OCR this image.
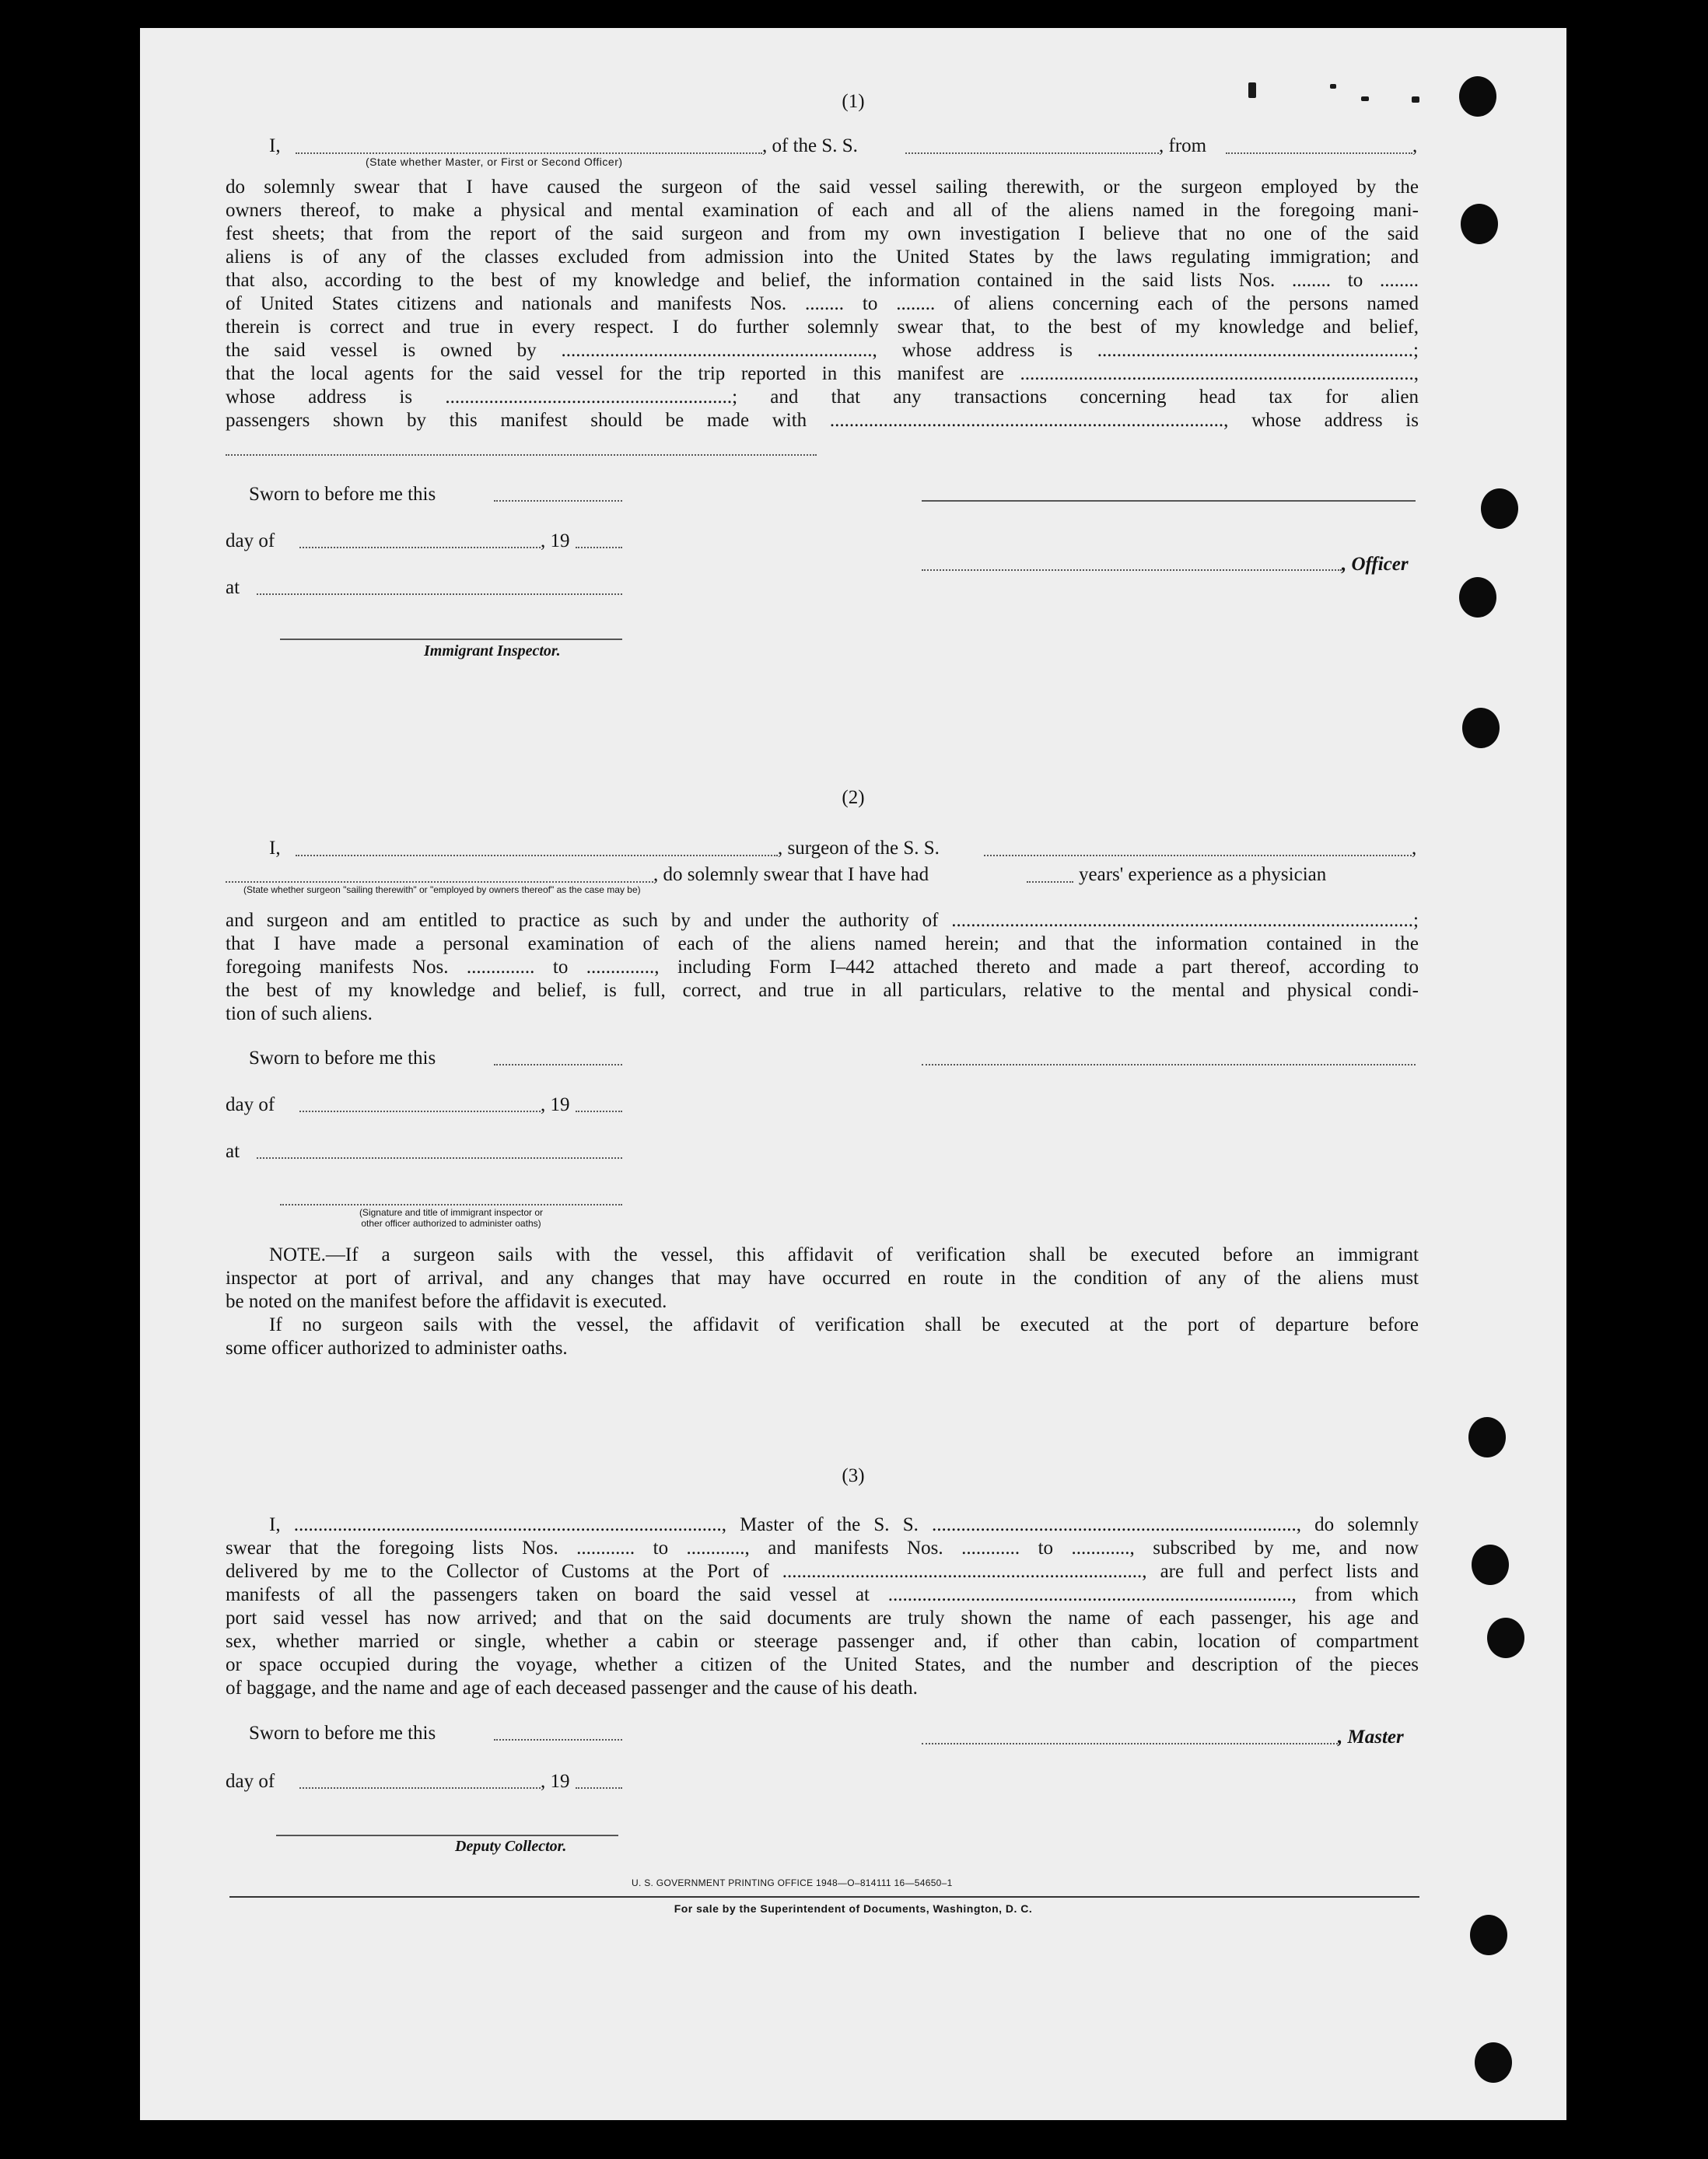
(1)
I,	, of the S. S.	, from	,
(State whether Master, or First or Second Officer)
do solemnly swear that I have caused the surgeon of the said vessel sailing therewith, or the surgeon employed by the
owners thereof, to make a physical and mental examination of each and all of the aliens named in the foregoing mani-
fest sheets; that from the report of the said surgeon and from my own investigation I believe that no one of the said
aliens is of any of the classes excluded from admission into the United States by the laws regulating immigration; and
that also, according to the best of my knowledge and belief, the information contained in the said lists Nos. ........ to ........
of United States citizens and nationals and manifests Nos. ........ to ........ of aliens concerning each of the persons named
therein is correct and true in every respect. I do further solemnly swear that, to the best of my knowledge and belief,
the said vessel is owned by ................................................................, whose address is .................................................................;
that the local agents for the said vessel for the trip reported in this manifest are .................................................................................,
whose address is ...........................................................; and that any transactions concerning head tax for alien
passengers shown by this manifest should be made with ................................................................................., whose address is
Sworn to before me this
day of	, 19
, Officer
at
Immigrant Inspector.
(2)
I,	, surgeon of the S. S.	,
, do solemnly swear that I have had	years' experience as a physician
(State whether surgeon "sailing therewith" or "employed by owners thereof" as the case may be)
and surgeon and am entitled to practice as such by and under the authority of ...............................................................................................;
that I have made a personal examination of each of the aliens named herein; and that the information contained in the
foregoing manifests Nos. .............. to .............., including Form I–442 attached thereto and made a part thereof, according to
the best of my knowledge and belief, is full, correct, and true in all particulars, relative to the mental and physical condi-
tion of such aliens.
Sworn to before me this
day of	, 19
at
(Signature and title of immigrant inspector or
other officer authorized to administer oaths)
NOTE.—If a surgeon sails with the vessel, this affidavit of verification shall be executed before an immigrant
inspector at port of arrival, and any changes that may have occurred en route in the condition of any of the aliens must
be noted on the manifest before the affidavit is executed.
If no surgeon sails with the vessel, the affidavit of verification shall be executed at the port of departure before
some officer authorized to administer oaths.
(3)
I, ........................................................................................, Master of the S. S. ..........................................................................., do solemnly
swear that the foregoing lists Nos. ............ to ............, and manifests Nos. ............ to ............, subscribed by me, and now
delivered by me to the Collector of Customs at the Port of .........................................................................., are full and perfect lists and
manifests of all the passengers taken on board the said vessel at ..................................................................................., from which
port said vessel has now arrived; and that on the said documents are truly shown the name of each passenger, his age and
sex, whether married or single, whether a cabin or steerage passenger and, if other than cabin, location of compartment
or space occupied during the voyage, whether a citizen of the United States, and the number and description of the pieces
of baggage, and the name and age of each deceased passenger and the cause of his death.
Sworn to before me this	, Master
day of	, 19
Deputy Collector.
U. S. GOVERNMENT PRINTING OFFICE 1948—O–814111 16—54650–1
For sale by the Superintendent of Documents, Washington, D. C.
